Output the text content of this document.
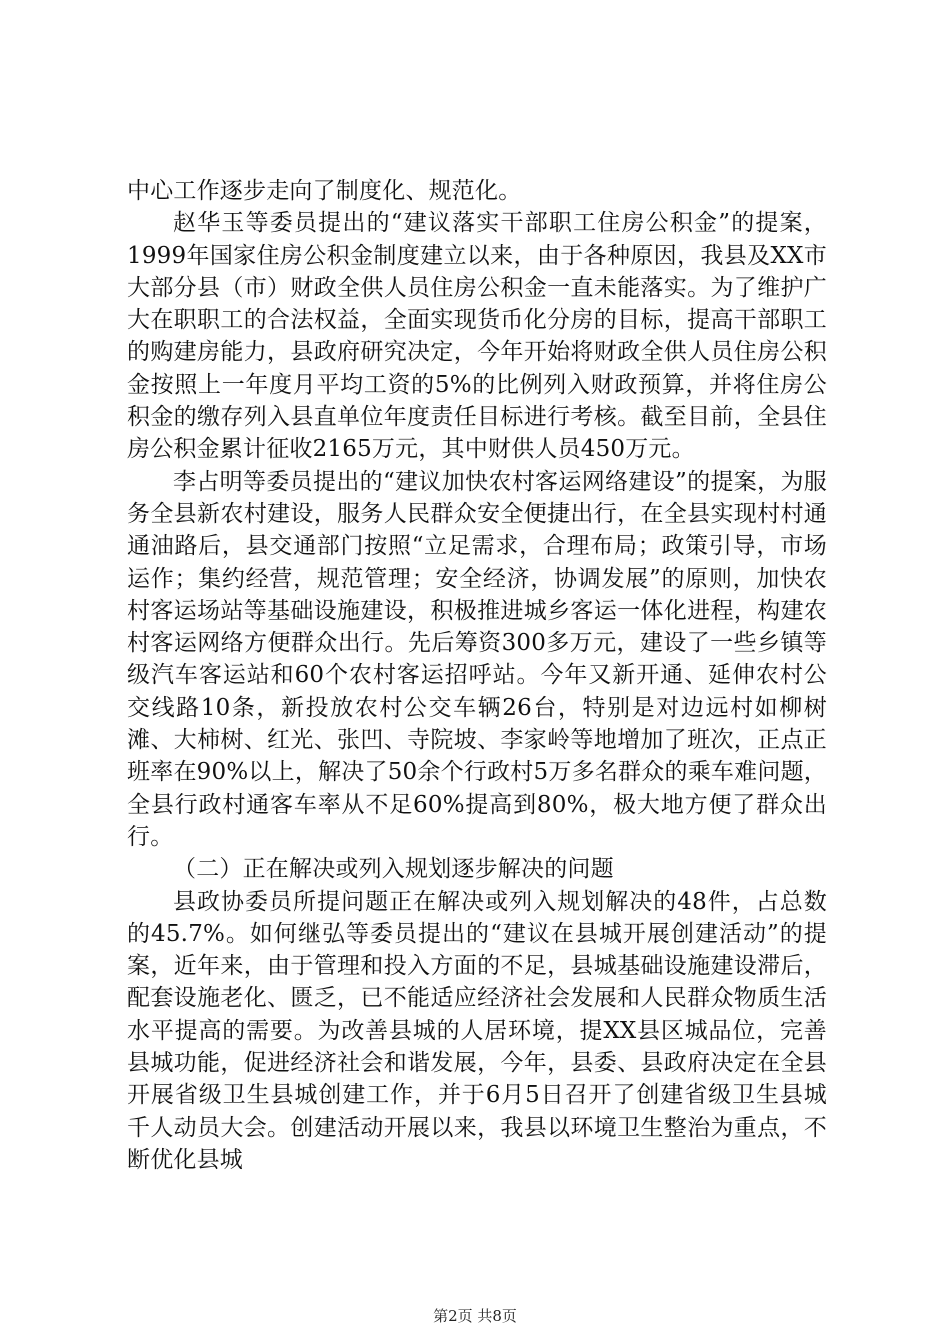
中心工作逐步走向了制度化、规范化。

赵华玉等委员提出的“建议落实干部职工住房公积金”的提案，1999年国家住房公积金制度建立以来，由于各种原因，我县及XX市大部分县（市）财政全供人员住房公积金一直未能落实。为了维护广大在职职工的合法权益，全面实现货币化分房的目标，提高干部职工的购建房能力，县政府研究决定，今年开始将财政全供人员住房公积金按照上一年度月平均工资的5%的比例列入财政预算，并将住房公积金的缴存列入县直单位年度责任目标进行考核。截至目前，全县住房公积金累计征收2165万元，其中财供人员450万元。

李占明等委员提出的“建议加快农村客运网络建设”的提案，为服务全县新农村建设，服务人民群众安全便捷出行，在全县实现村村通通油路后，县交通部门按照“立足需求，合理布局；政策引导，市场运作；集约经营，规范管理；安全经济，协调发展”的原则，加快农村客运场站等基础设施建设，积极推进城乡客运一体化进程，构建农村客运网络方便群众出行。先后筹资300多万元，建设了一些乡镇等级汽车客运站和60个农村客运招呼站。今年又新开通、延伸农村公交线路10条，新投放农村公交车辆26台，特别是对边远村如柳树滩、大柿树、红光、张凹、寺院坡、李家岭等地增加了班次，正点正班率在90%以上，解决了50余个行政村5万多名群众的乘车难问题，全县行政村通客车率从不足60%提高到80%，极大地方便了群众出行。

（二）正在解决或列入规划逐步解决的问题

县政协委员所提问题正在解决或列入规划解决的48件，占总数的45.7%。如何继弘等委员提出的“建议在县城开展创建活动”的提案，近年来，由于管理和投入方面的不足，县城基础设施建设滞后，配套设施老化、匮乏，已不能适应经济社会发展和人民群众物质生活水平提高的需要。为改善县城的人居环境，提XX县区城品位，完善县城功能，促进经济社会和谐发展，今年，县委、县政府决定在全县开展省级卫生县城创建工作，并于6月5日召开了创建省级卫生县城千人动员大会。创建活动开展以来，我县以环境卫生整治为重点，不断优化县城

第2页 共8页
